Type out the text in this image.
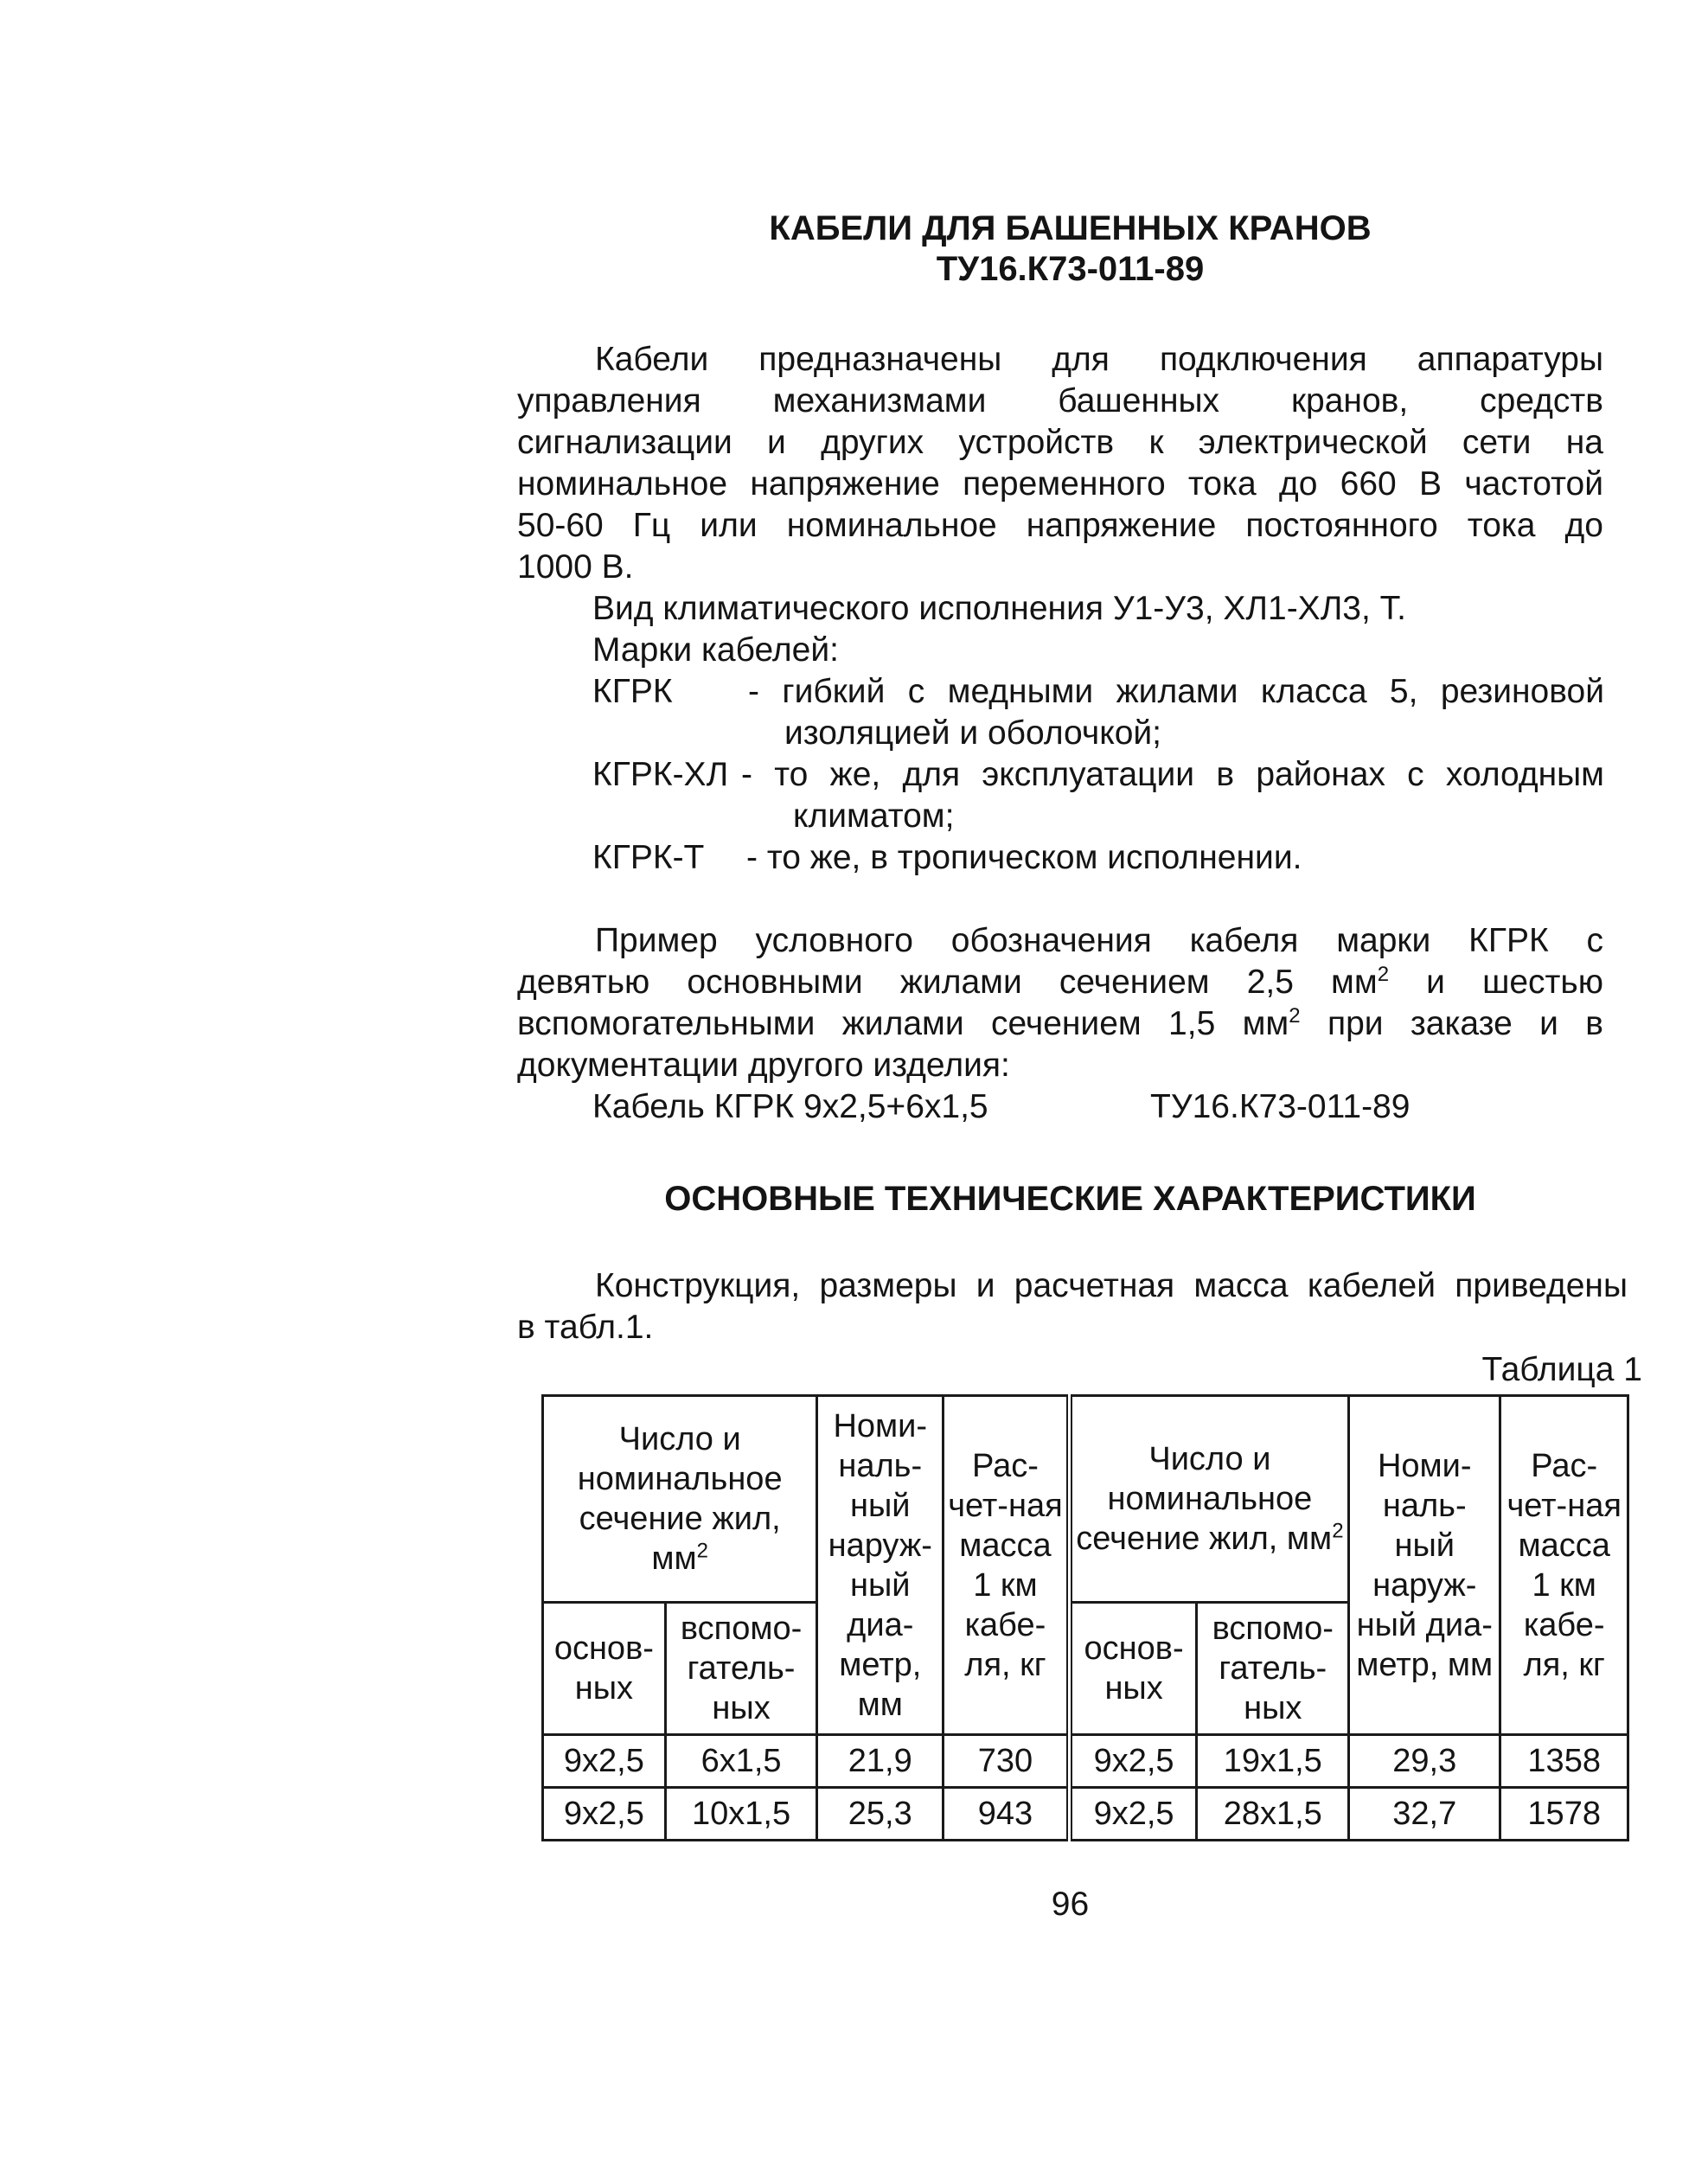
КАБЕЛИ ДЛЯ БАШЕННЫХ КРАНОВ
ТУ16.К73-011-89
Кабели предназначены для подключения аппаратуры
управления механизмами башенных кранов, средств
сигнализации и других устройств к электрической сети на
номинальное напряжение переменного тока до 660 В частотой
50-60 Гц или номинальное напряжение постоянного тока до
1000 В.
Вид климатического исполнения У1-У3, ХЛ1-ХЛ3, Т.
Марки кабелей:
КГРК - гибкий с медными жилами класса 5, резиновой
изоляцией и оболочкой;
КГРК-ХЛ - то же, для эксплуатации в районах с холодным
климатом;
КГРК-Т - то же, в тропическом исполнении.
Пример условного обозначения кабеля марки КГРК с
девятью основными жилами сечением 2,5 $мм^2$ и шестью
вспомогательными жилами сечением 1,5 $мм^2$ при заказе и в
документации другого изделия:
Кабель КГРК 9х2,5+6х1,5	ТУ16.К73-011-89
ОСНОВНЫЕ ТЕХНИЧЕСКИЕ ХАРАКТЕРИСТИКИ
Конструкция, размеры и расчетная масса кабелей приведены
в табл.1.
Таблица 1
Число и номинальное сечение жил, $мм^2$		Номи-наль-ный наруж-ный диа-метр, мм	Рас-чет-ная масса 1 км кабе-ля, кг	Число и номинальное сечение жил, $мм^2$		Номи-наль-ный наруж-ный диа-метр, мм	Рас-чет-ная масса 1 км кабе-ля, кг
основ-ных	вспомо-гатель-ных			основ-ных	вспомо-гатель-ных		
9х2,5	6х1,5	21,9	730	9х2,5	19х1,5	29,3	1358
9х2,5	10х1,5	25,3	943	9х2,5	28х1,5	32,7	1578
96
